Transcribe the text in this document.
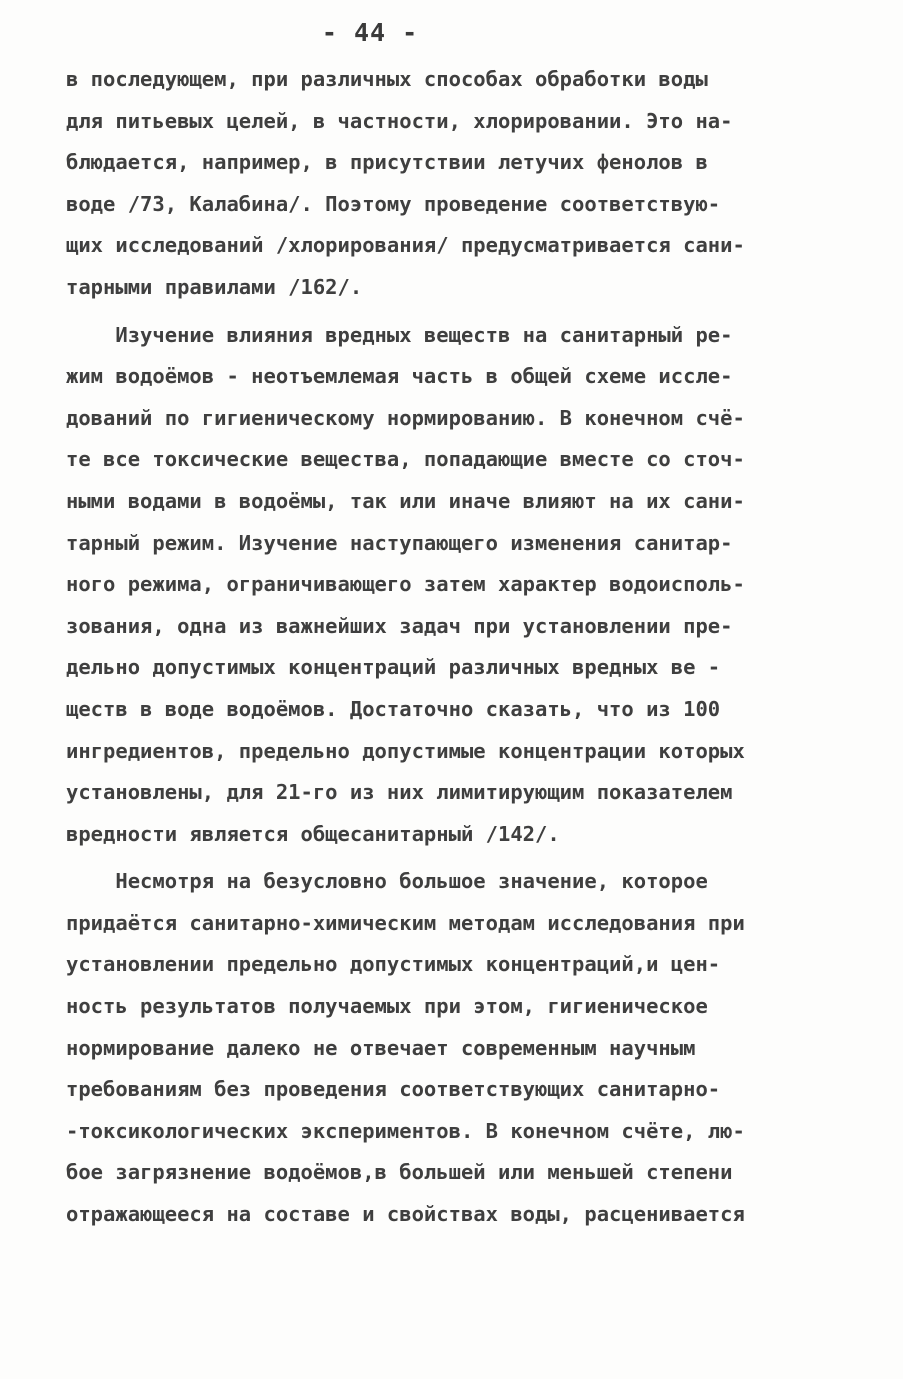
- 44 -
в последующем, при различных способах обработки воды
для питьевых целей, в частности, хлорировании. Это на-
блюдается, например, в присутствии летучих фенолов в
воде /73, Калабина/. Поэтому проведение соответствую-
щих исследований /хлорирования/ предусматривается сани-
тарными правилами /162/.
Изучение влияния вредных веществ на санитарный ре-
жим водоёмов - неотъемлемая часть в общей схеме иссле-
дований по гигиеническому нормированию. В конечном счё-
те все токсические вещества, попадающие вместе со сточ-
ными водами в водоёмы, так или иначе влияют на их сани-
тарный режим. Изучение наступающего изменения санитар-
ного режима, ограничивающего затем характер водоисполь-
зования, одна из важнейших задач при установлении пре-
дельно допустимых концентраций различных вредных ве -
ществ в воде водоёмов. Достаточно сказать, что из 100
ингредиентов, предельно допустимые концентрации которых
установлены, для 21-го из них лимитирующим показателем
вредности является общесанитарный /142/.
Несмотря на безусловно большое значение, которое
придаётся санитарно-химическим методам исследования при
установлении предельно допустимых концентраций,и цен-
ность результатов получаемых при этом, гигиеническое
нормирование далеко не отвечает современным научным
требованиям без проведения соответствующих санитарно-
-токсикологических экспериментов. В конечном счёте, лю-
бое загрязнение водоёмов,в большей или меньшей степени
отражающееся на составе и свойствах воды, расценивается
